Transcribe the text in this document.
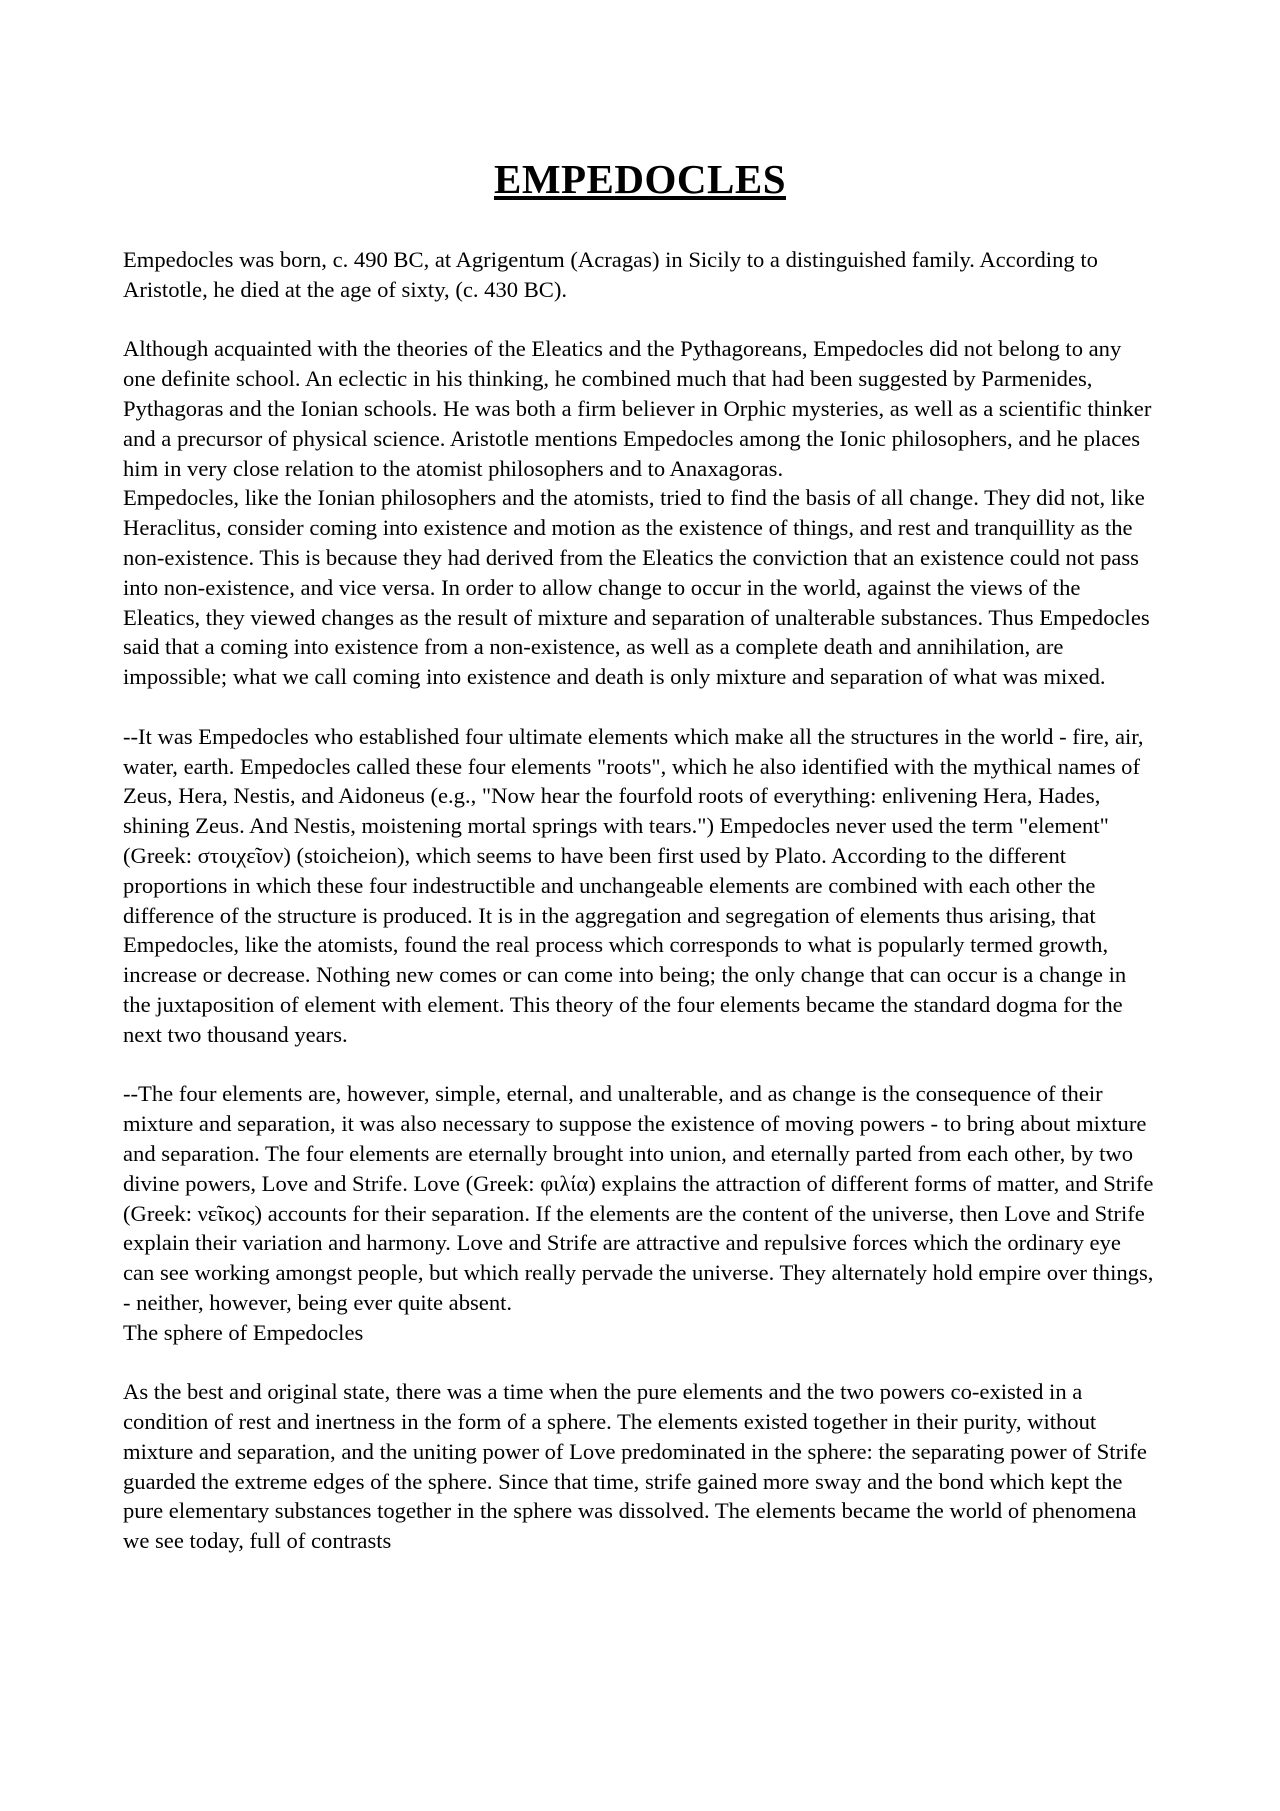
EMPEDOCLES

Empedocles was born, c. 490 BC, at Agrigentum (Acragas) in Sicily to a distinguished family. According to Aristotle, he died at the age of sixty, (c. 430 BC).

Although acquainted with the theories of the Eleatics and the Pythagoreans, Empedocles did not belong to any one definite school. An eclectic in his thinking, he combined much that had been suggested by Parmenides, Pythagoras and the Ionian schools. He was both a firm believer in Orphic mysteries, as well as a scientific thinker and a precursor of physical science. Aristotle mentions Empedocles among the Ionic philosophers, and he places him in very close relation to the atomist philosophers and to Anaxagoras.

Empedocles, like the Ionian philosophers and the atomists, tried to find the basis of all change. They did not, like Heraclitus, consider coming into existence and motion as the existence of things, and rest and tranquillity as the non-existence. This is because they had derived from the Eleatics the conviction that an existence could not pass into non-existence, and vice versa. In order to allow change to occur in the world, against the views of the Eleatics, they viewed changes as the result of mixture and separation of unalterable substances. Thus Empedocles said that a coming into existence from a non-existence, as well as a complete death and annihilation, are impossible; what we call coming into existence and death is only mixture and separation of what was mixed.

--It was Empedocles who established four ultimate elements which make all the structures in the world - fire, air, water, earth. Empedocles called these four elements "roots", which he also identified with the mythical names of Zeus, Hera, Nestis, and Aidoneus (e.g., "Now hear the fourfold roots of everything: enlivening Hera, Hades, shining Zeus. And Nestis, moistening mortal springs with tears.") Empedocles never used the term "element" (Greek: στοιχεῖον) (stoicheion), which seems to have been first used by Plato. According to the different proportions in which these four indestructible and unchangeable elements are combined with each other the difference of the structure is produced. It is in the aggregation and segregation of elements thus arising, that Empedocles, like the atomists, found the real process which corresponds to what is popularly termed growth, increase or decrease. Nothing new comes or can come into being; the only change that can occur is a change in the juxtaposition of element with element. This theory of the four elements became the standard dogma for the next two thousand years.

--The four elements are, however, simple, eternal, and unalterable, and as change is the consequence of their mixture and separation, it was also necessary to suppose the existence of moving powers - to bring about mixture and separation. The four elements are eternally brought into union, and eternally parted from each other, by two divine powers, Love and Strife. Love (Greek: φιλία) explains the attraction of different forms of matter, and Strife (Greek: νεῖκος) accounts for their separation. If the elements are the content of the universe, then Love and Strife explain their variation and harmony. Love and Strife are attractive and repulsive forces which the ordinary eye can see working amongst people, but which really pervade the universe. They alternately hold empire over things, - neither, however, being ever quite absent.

The sphere of Empedocles

As the best and original state, there was a time when the pure elements and the two powers co-existed in a condition of rest and inertness in the form of a sphere. The elements existed together in their purity, without mixture and separation, and the uniting power of Love predominated in the sphere: the separating power of Strife guarded the extreme edges of the sphere. Since that time, strife gained more sway and the bond which kept the pure elementary substances together in the sphere was dissolved. The elements became the world of phenomena we see today, full of contrasts
